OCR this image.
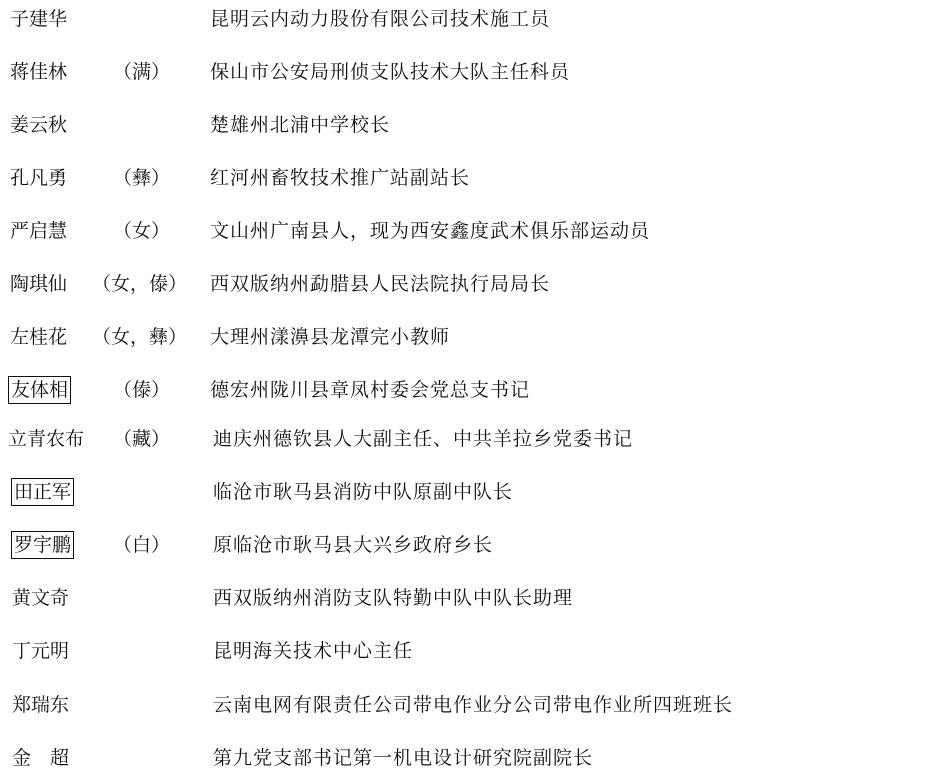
子建华	昆明云内动力股份有限公司技术施工员
蒋佳林 （满） 保山市公安局刑侦支队技术大队主任科员
姜云秋	楚雄州北浦中学校长
孔凡勇 （彝） 红河州畜牧技术推广站副站长
严启慧 （女） 文山州广南县人，现为西安鑫度武术俱乐部运动员
陶琪仙 （女，傣） 西双版纳州勐腊县人民法院执行局局长
左桂花 （女，彝） 大理州漾濞县龙潭完小教师
友体相 （傣） 德宏州陇川县章凤村委会党总支书记
立青农布 （藏） 迪庆州德钦县人大副主任、中共羊拉乡党委书记
田正军	临沧市耿马县消防中队原副中队长
罗宇鹏 （白） 原临沧市耿马县大兴乡政府乡长
黄文奇	西双版纳州消防支队特勤中队中队长助理
丁元明	昆明海关技术中心主任
郑瑞东	云南电网有限责任公司带电作业分公司带电作业所四班班长
金　超	第九党支部书记第一机电设计研究院副院长
